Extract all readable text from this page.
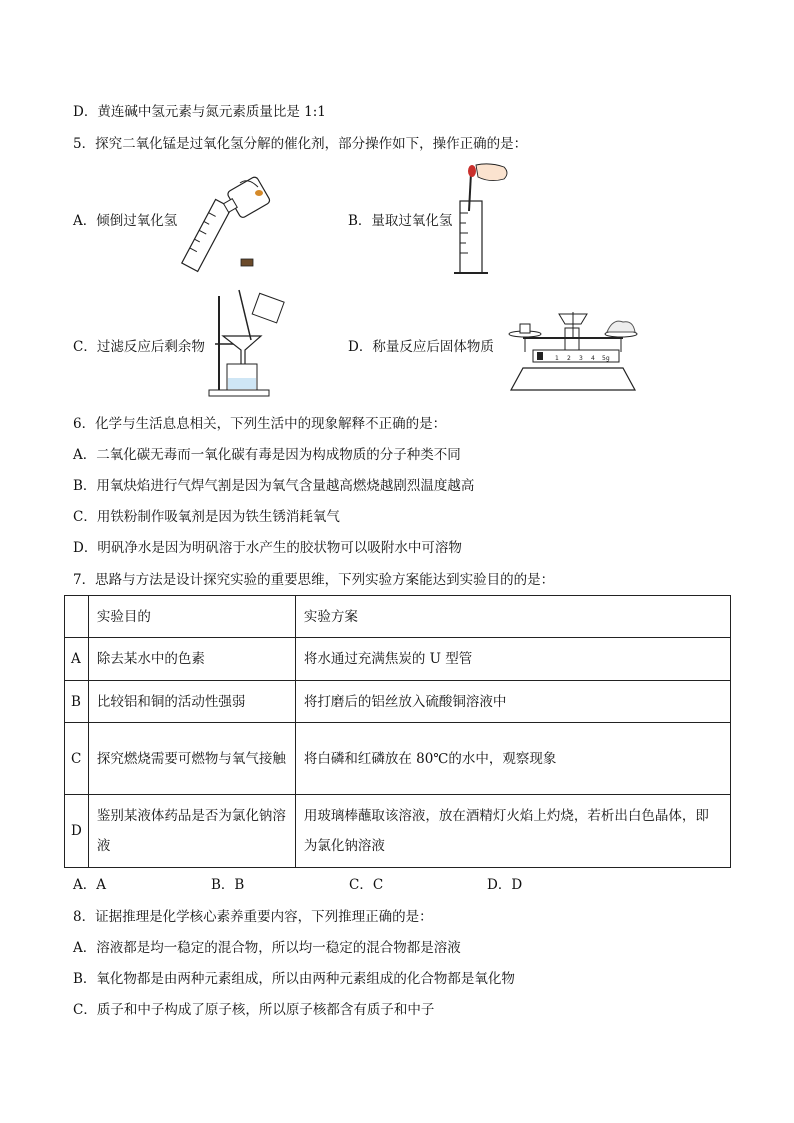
D．黄连碱中氢元素与氮元素质量比是 1:1
5．探究二氧化锰是过氧化氢分解的催化剂，部分操作如下，操作正确的是：
A．倾倒过氧化氢	B．量取过氧化氢
C．过滤反应后剩余物	D．称量反应后固体物质
1 2 3 4 5g
6．化学与生活息息相关，下列生活中的现象解释不正确的是：
A．二氧化碳无毒而一氧化碳有毒是因为构成物质的分子种类不同
B．用氧炔焰进行气焊气割是因为氧气含量越高燃烧越剧烈温度越高
C．用铁粉制作吸氧剂是因为铁生锈消耗氧气
D．明矾净水是因为明矾溶于水产生的胶状物可以吸附水中可溶物
7．思路与方法是设计探究实验的重要思维，下列实验方案能达到实验目的的是：
	实验目的	实验方案
A	除去某水中的色素	将水通过充满焦炭的 U 型管
B	比较铝和铜的活动性强弱	将打磨后的铝丝放入硫酸铜溶液中
C	探究燃烧需要可燃物与氧气接触	将白磷和红磷放在 80℃的水中，观察现象
D	鉴别某液体药品是否为氯化钠溶液	用玻璃棒蘸取该溶液，放在酒精灯火焰上灼烧，若析出白色晶体，即为氯化钠溶液
A．A	B．B	C．C	D．D
8．证据推理是化学核心素养重要内容，下列推理正确的是：
A．溶液都是均一稳定的混合物，所以均一稳定的混合物都是溶液
B．氧化物都是由两种元素组成，所以由两种元素组成的化合物都是氧化物
C．质子和中子构成了原子核，所以原子核都含有质子和中子
